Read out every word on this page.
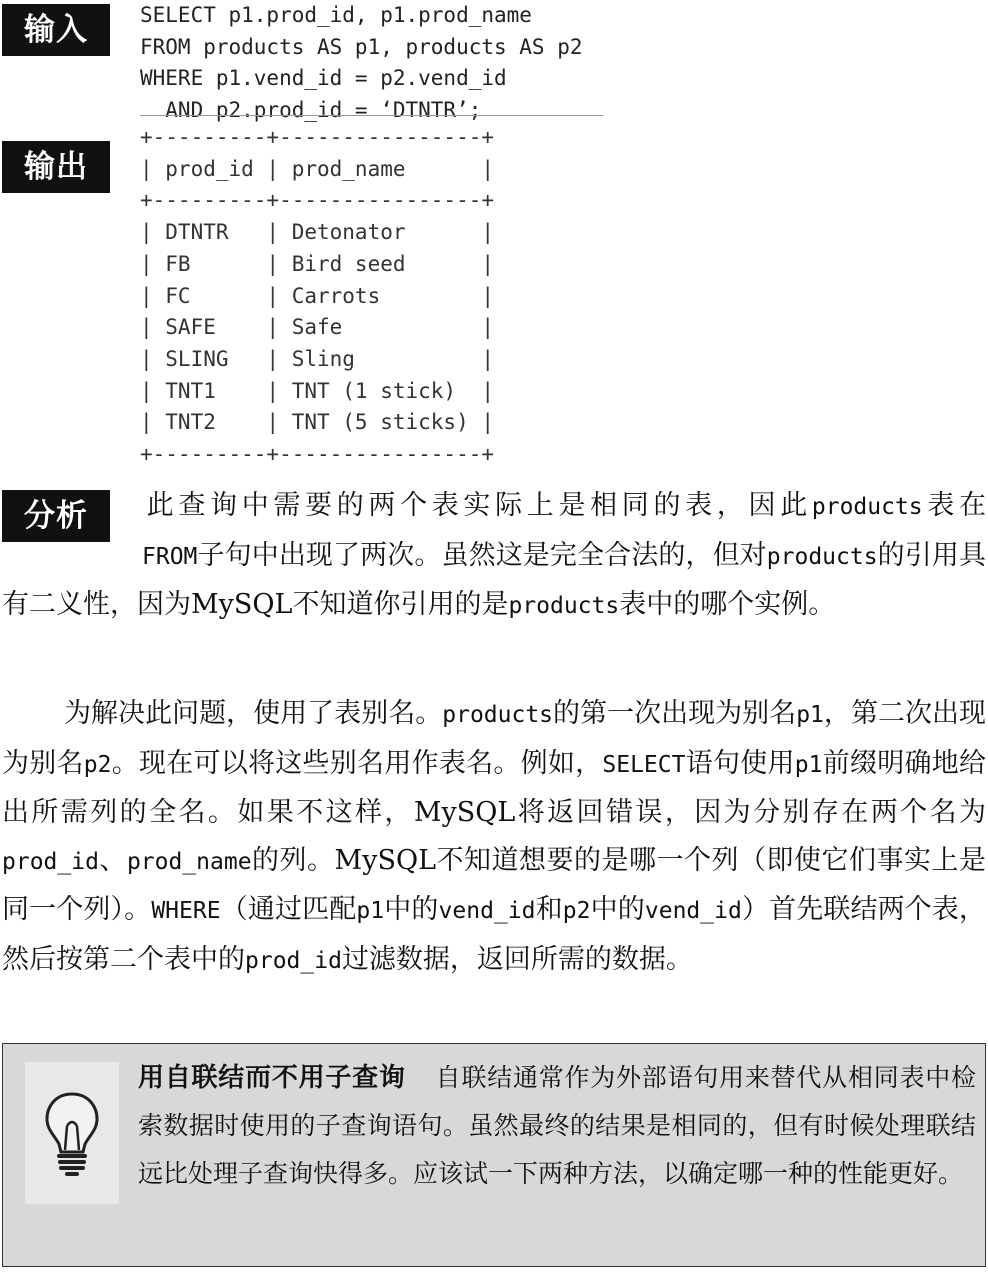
输入	SELECT p1.prod_id, p1.prod_name
FROM products AS p1, products AS p2
WHERE p1.vend_id = p2.vend_id
AND p2.prod_id = ‘DTNTR’;
输出
+---------+----------------+
| prod_id | prod_name      |
+---------+----------------+
| DTNTR   | Detonator      |
| FB      | Bird seed      |
| FC      | Carrots        |
| SAFE    | Safe           |
| SLING   | Sling          |
| TNT1    | TNT (1 stick)  |
| TNT2    | TNT (5 sticks) |
+---------+----------------+
分析	此查询中需要的两个表实际上是相同的表，因此products表在FROM子句中出现了两次。虽然这是完全合法的，但对products的引用具有二义性，因为MySQL不知道你引用的是products表中的哪个实例。

为解决此问题，使用了表别名。products的第一次出现为别名p1，第二次出现为别名p2。现在可以将这些别名用作表名。例如，SELECT语句使用p1前缀明确地给出所需列的全名。如果不这样，MySQL将返回错误，因为分别存在两个名为prod_id、prod_name的列。MySQL不知道想要的是哪一个列（即使它们事实上是同一个列）。WHERE（通过匹配p1中的vend_id和p2中的vend_id）首先联结两个表，然后按第二个表中的prod_id过滤数据，返回所需的数据。

用自联结而不用子查询 自联结通常作为外部语句用来替代从相同表中检索数据时使用的子查询语句。虽然最终的结果是相同的，但有时候处理联结远比处理子查询快得多。应该试一下两种方法，以确定哪一种的性能更好。
